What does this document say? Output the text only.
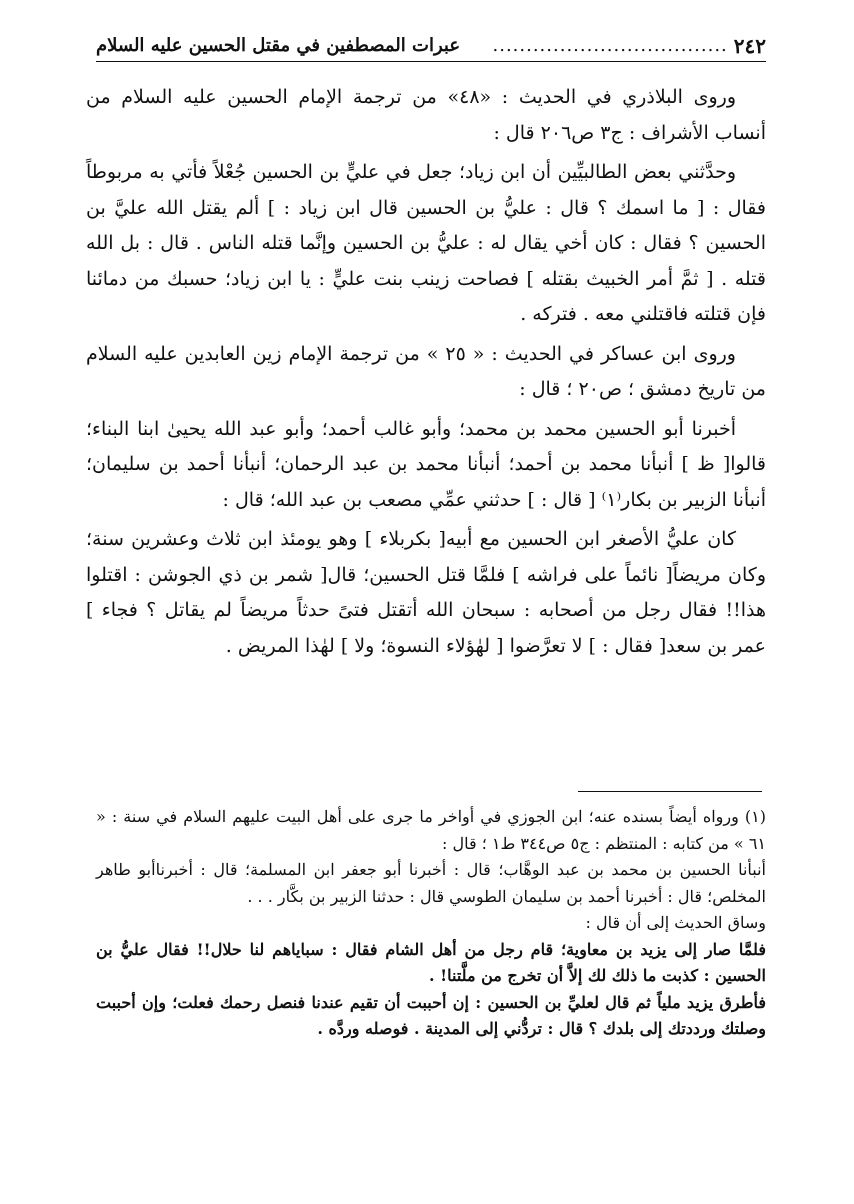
٢٤٢
...................................
عبرات المصطفين في مقتل الحسين عليه السلام

وروى البلاذري في الحديث : «٤٨» من ترجمة الإمام الحسين عليه السلام من أنساب الأشراف : ج٣ ص٢٠٦ قال :

وحدَّثني بعض الطالبيِّين أن ابن زياد؛ جعل في عليٍّ بن الحسين جُعْلاً فأتي به مربوطاً فقال : [ ما اسمك ؟ قال : عليُّ بن الحسين قال ابن زياد : ] ألم يقتل الله عليَّ بن الحسين ؟ فقال : كان أخي يقال له : عليُّ بن الحسين وإنَّما قتله الناس . قال : بل الله قتله . [ ثمَّ أمر الخبيث بقتله ] فصاحت زينب بنت عليٍّ : يا ابن زياد؛ حسبك من دمائنا فإن قتلته فاقتلني معه . فتركه .

وروى ابن عساكر في الحديث : « ٢٥ » من ترجمة الإمام زين العابدين عليه السلام من تاريخ دمشق ؛ ص٢٠ ؛ قال :

أخبرنا أبو الحسين محمد بن محمد؛ وأبو غالب أحمد؛ وأبو عبد الله يحيىٰ ابنا البناء؛ قالوا[ ظ ] أنبأنا محمد بن أحمد؛ أنبأنا محمد بن عبد الرحمان؛ أنبأنا أحمد بن سليمان؛ أنبأنا الزبير بن بكار⁽١⁾ [ قال : ] حدثني عمِّي مصعب بن عبد الله؛ قال :

كان عليُّ الأصغر ابن الحسين مع أبيه[ بكربلاء ] وهو يومئذ ابن ثلاث وعشرين سنة؛ وكان مريضاً[ نائماً على فراشه ] فلمَّا قتل الحسين؛ قال[ شمر بن ذي الجوشن : اقتلوا هذا!! فقال رجل من أصحابه : سبحان الله أتقتل فتىً حدثاً مريضاً لم يقاتل ؟ فجاء ] عمر بن سعد[ فقال : ] لا تعرَّضوا [ لهٰؤلاء النسوة؛ ولا ] لهٰذا المريض .

(١) ورواه أيضاً بسنده عنه؛ ابن الجوزي في أواخر ما جرى على أهل البيت عليهم السلام في سنة : « ٦١ » من كتابه : المنتظم : ج٥ ص٣٤٤ ط١ ؛ قال :

أنبأنا الحسين بن محمد بن عبد الوهَّاب؛ قال : أخبرنا أبو جعفر ابن المسلمة؛ قال : أخبرناأبو طاهر المخلص؛ قال : أخبرنا أحمد بن سليمان الطوسي قال : حدثنا الزبير بن بكَّار . . .

وساق الحديث إلى أن قال :

فلمَّا صار إلى يزيد بن معاوية؛ قام رجل من أهل الشام فقال : سباياهم لنا حلال!! فقال عليُّ بن الحسين : كذبت ما ذلك لك إلاَّ أن تخرج من ملَّتنا! .

فأطرق يزيد ملياً ثم قال لعليِّ بن الحسين : إن أحببت أن تقيم عندنا فنصل رحمك فعلت؛ وإن أحببت وصلتك ورددتك إلى بلدك ؟ قال : تردُّني إلى المدينة . فوصله وردَّه .
